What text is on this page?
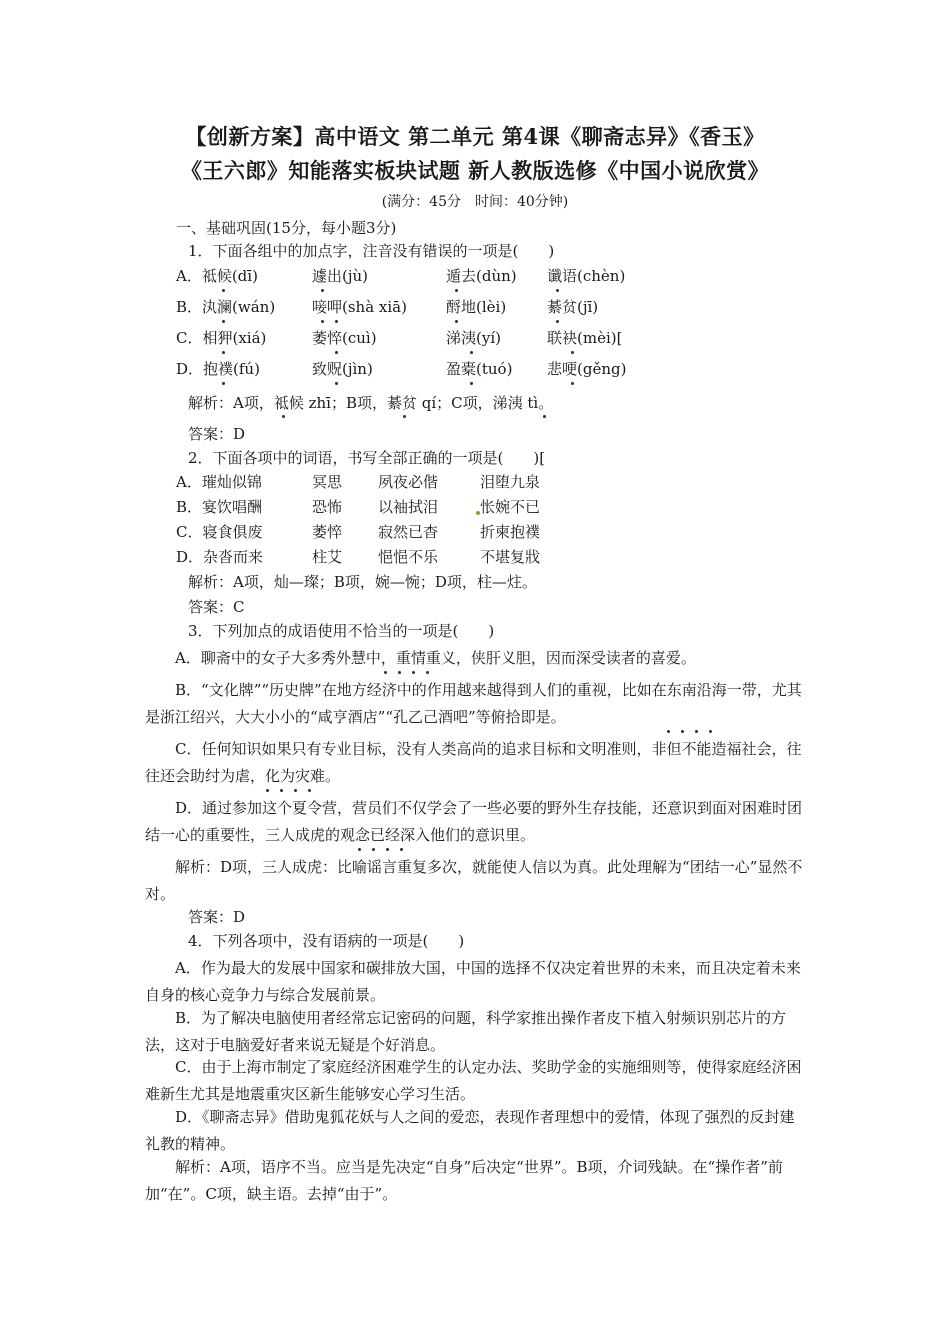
【创新方案】高中语文 第二单元 第4课《聊斋志异》《香玉》
《王六郎》知能落实板块试题 新人教版选修《中国小说欣赏》
(满分：45分　时间：40分钟)
一、基础巩固(15分，每小题3分)
1．下面各组中的加点字，注音没有错误的一项是(　　)
A．祗候(dī)	遽出(jù)	遁去(dùn) 谶语(chèn)
B．汍澜(wán) 唼呷(shà xiā)	酹地(lèi)	綦贫(jī)
C．相狎(xiá)	萎悴(cuì)	涕洟(yí)	联袂(mèi)[
D．抱襆(fú)	致贶(jìn)	盈橐(tuó) 悲哽(gěng)
解析：A项，祗候 zhī；B项，綦贫 qí；C项，涕洟 tì。
答案：D
2．下面各项中的词语，书写全部正确的一项是(　　)[
A．璀灿似锦	冥思 夙夜必偕	泪堕九泉
B．宴饮唱酬	恐怖 以袖拭泪	怅婉不已
C．寝食俱废	萎悴 寂然已杳	折柬抱襆
D．杂沓而来	柱艾 悒悒不乐	不堪复戕
解析：A项，灿—璨；B项，婉—惋；D项，柱—炷。
答案：C
3．下列加点的成语使用不恰当的一项是(　　)
A．聊斋中的女子大多秀外慧中，重情重义，侠肝义胆，因而深受读者的喜爱。
B．“文化牌”“历史牌”在地方经济中的作用越来越得到人们的重视，比如在东南沿海一带，尤其是浙江绍兴，大大小小的“咸亨酒店”“孔乙己酒吧”等俯拾即是。
C．任何知识如果只有专业目标，没有人类高尚的追求目标和文明准则，非但不能造福社会，往往还会助纣为虐，化为灾难。
D．通过参加这个夏令营，营员们不仅学会了一些必要的野外生存技能，还意识到面对困难时团结一心的重要性，三人成虎的观念已经深入他们的意识里。
解析：D项，三人成虎：比喻谣言重复多次，就能使人信以为真。此处理解为“团结一心”显然不对。
答案：D
4．下列各项中，没有语病的一项是(　　)
A．作为最大的发展中国家和碳排放大国，中国的选择不仅决定着世界的未来，而且决定着未来自身的核心竞争力与综合发展前景。
B．为了解决电脑使用者经常忘记密码的问题，科学家推出操作者皮下植入射频识别芯片的方法，这对于电脑爱好者来说无疑是个好消息。
C．由于上海市制定了家庭经济困难学生的认定办法、奖助学金的实施细则等，使得家庭经济困难新生尤其是地震重灾区新生能够安心学习生活。
D．《聊斋志异》借助鬼狐花妖与人之间的爱恋，表现作者理想中的爱情，体现了强烈的反封建礼教的精神。
解析：A项，语序不当。应当是先决定“自身”后决定“世界”。B项，介词残缺。在“操作者”前加“在”。C项，缺主语。去掉“由于”。
